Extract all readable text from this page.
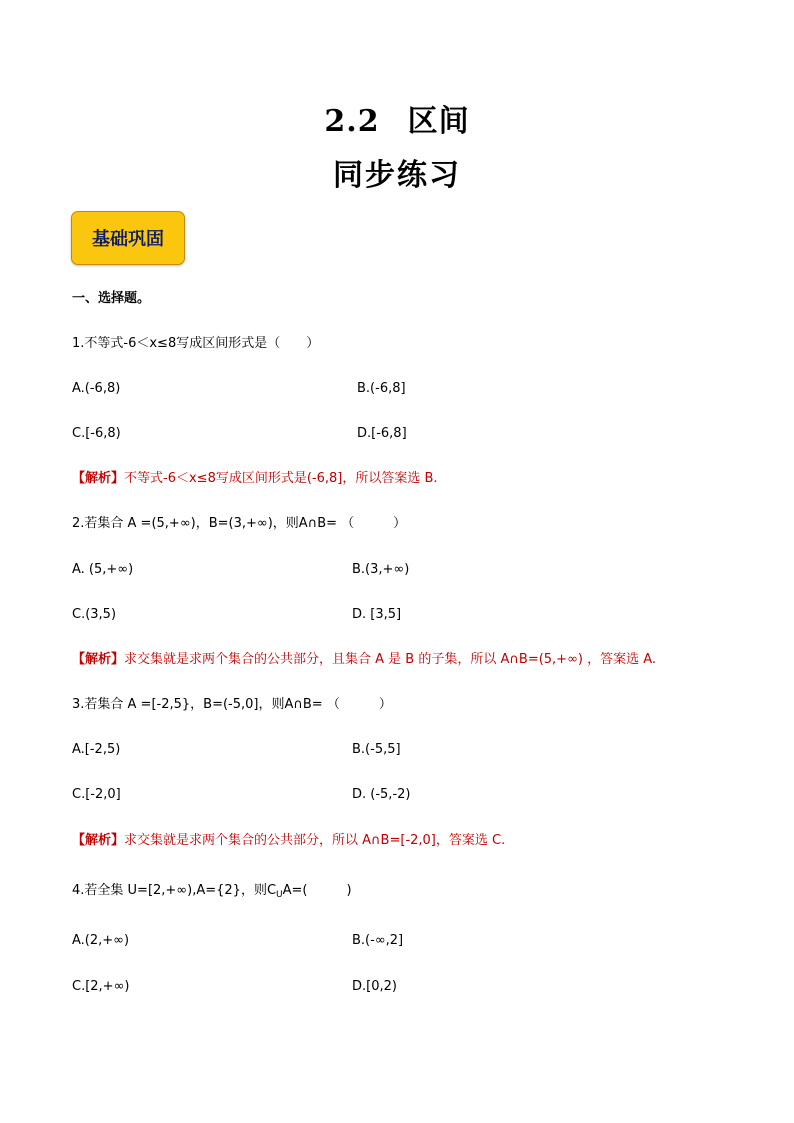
2.2 区间
同步练习
基础巩固
一、选择题。
1.不等式-6＜x≤8写成区间形式是（　　）
A.(-6,8)	B.(-6,8]
C.[-6,8)	D.[-6,8]
【解析】不等式-6＜x≤8写成区间形式是(-6,8]，所以答案选 B.
2.若集合 A =(5,+∞)，B=(3,+∞)，则A∩B= （　　　）
A. (5,+∞)	B.(3,+∞)
C.(3,5)	D. [3,5]
【解析】求交集就是求两个集合的公共部分，且集合 A 是 B 的子集，所以 A∩B=(5,+∞) ，答案选 A.
3.若集合 A =[-2,5}，B=(-5,0]，则A∩B= （　　　）
A.[-2,5)	B.(-5,5]
C.[-2,0]	D. (-5,-2)
【解析】求交集就是求两个集合的公共部分，所以 A∩B=[-2,0]，答案选 C.
4.若全集 U=[2,+∞),A={2}，则$C_UA=$(　　　)
A.(2,+∞)	B.(-∞,2]
C.[2,+∞)	D.[0,2)
